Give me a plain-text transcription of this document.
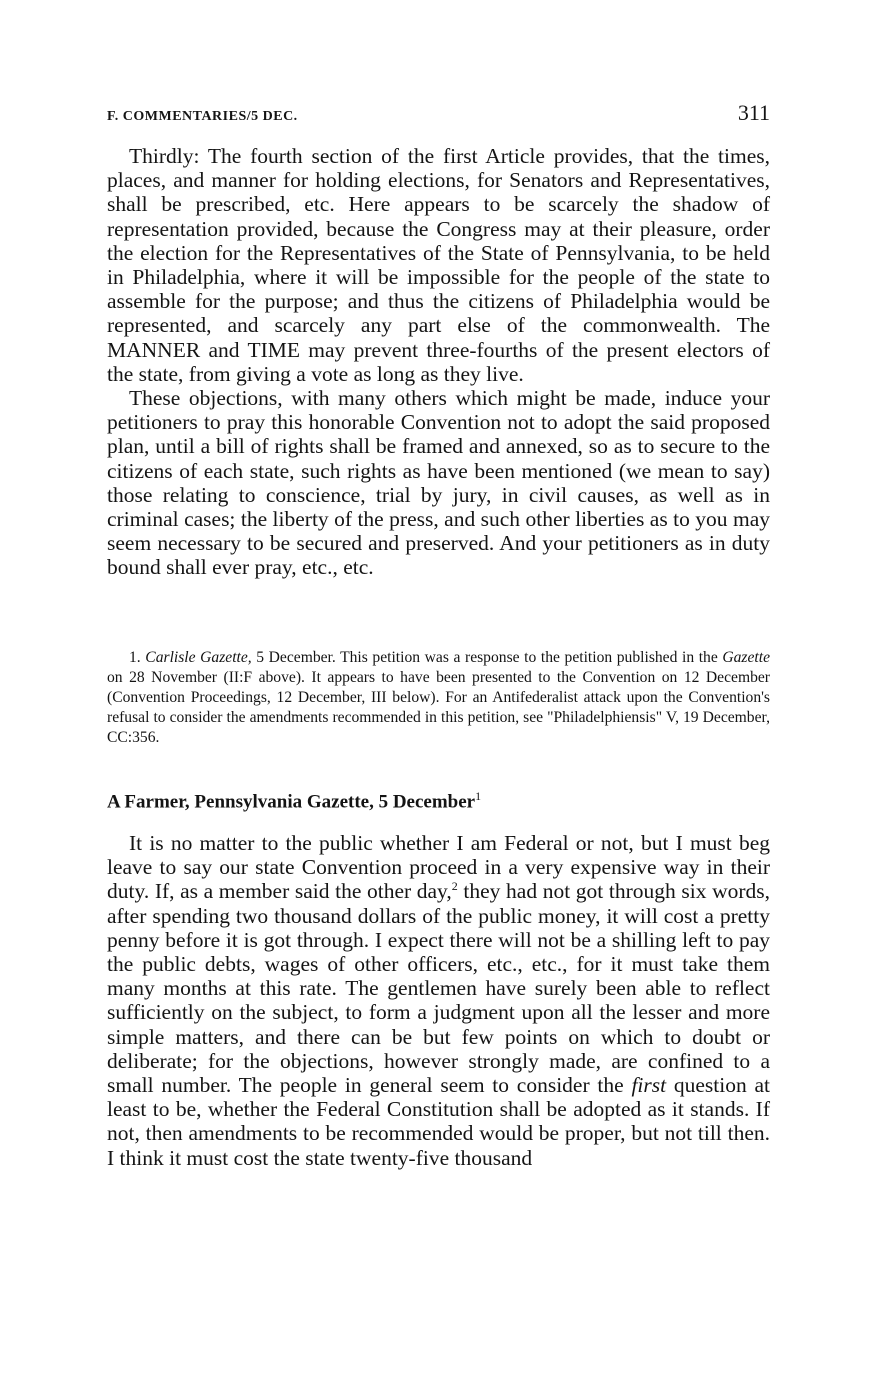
F. COMMENTARIES/5 DEC.	311

Thirdly: The fourth section of the first Article provides, that the times, places, and manner for holding elections, for Senators and Representatives, shall be prescribed, etc. Here appears to be scarcely the shadow of representation provided, because the Congress may at their pleasure, order the election for the Representatives of the State of Pennsylvania, to be held in Philadelphia, where it will be impossible for the people of the state to assemble for the purpose; and thus the citizens of Philadelphia would be represented, and scarcely any part else of the commonwealth. The MANNER and TIME may prevent three-fourths of the present electors of the state, from giving a vote as long as they live.

These objections, with many others which might be made, induce your petitioners to pray this honorable Convention not to adopt the said proposed plan, until a bill of rights shall be framed and annexed, so as to secure to the citizens of each state, such rights as have been mentioned (we mean to say) those relating to conscience, trial by jury, in civil causes, as well as in criminal cases; the liberty of the press, and such other liberties as to you may seem necessary to be secured and preserved. And your petitioners as in duty bound shall ever pray, etc., etc.

1. Carlisle Gazette, 5 December. This petition was a response to the petition published in the Gazette on 28 November (II:F above). It appears to have been presented to the Convention on 12 December (Convention Proceedings, 12 December, III below). For an Antifederalist attack upon the Convention's refusal to consider the amendments recommended in this petition, see "Philadelphiensis" V, 19 December, CC:356.

A Farmer, Pennsylvania Gazette, 5 December$^1$

It is no matter to the public whether I am Federal or not, but I must beg leave to say our state Convention proceed in a very expensive way in their duty. If, as a member said the other day,$^2$ they had not got through six words, after spending two thousand dollars of the public money, it will cost a pretty penny before it is got through. I expect there will not be a shilling left to pay the public debts, wages of other officers, etc., etc., for it must take them many months at this rate. The gentlemen have surely been able to reflect sufficiently on the subject, to form a judgment upon all the lesser and more simple matters, and there can be but few points on which to doubt or deliberate; for the objections, however strongly made, are confined to a small number. The people in general seem to consider the first question at least to be, whether the Federal Constitution shall be adopted as it stands. If not, then amendments to be recommended would be proper, but not till then. I think it must cost the state twenty-five thousand
